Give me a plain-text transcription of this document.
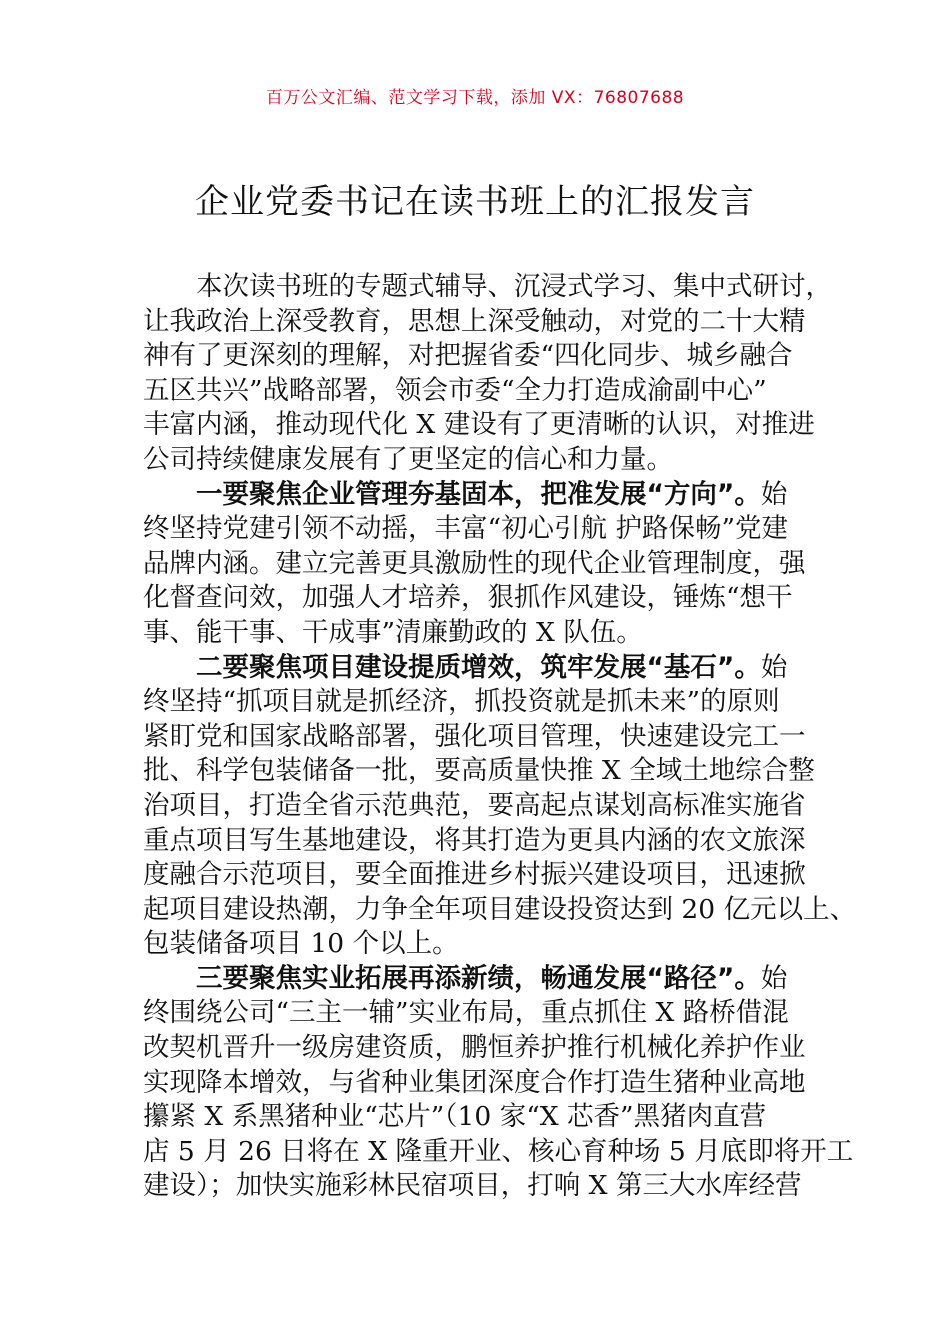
百万公文汇编、范文学习下载，添加 VX：76807688
企业党委书记在读书班上的汇报发言
本次读书班的专题式辅导、沉浸式学习、集中式研讨，
让我政治上深受教育，思想上深受触动，对党的二十大精
神有了更深刻的理解，对把握省委“四化同步、城乡融合
五区共兴”战略部署，领会市委“全力打造成渝副中心”
丰富内涵，推动现代化 X 建设有了更清晰的认识，对推进
公司持续健康发展有了更坚定的信心和力量。
一要聚焦企业管理夯基固本，把准发展“方向”。始
终坚持党建引领不动摇，丰富“初心引航 护路保畅”党建
品牌内涵。建立完善更具激励性的现代企业管理制度，强
化督查问效，加强人才培养，狠抓作风建设，锤炼“想干
事、能干事、干成事”清廉勤政的 X 队伍。
二要聚焦项目建设提质增效，筑牢发展“基石”。始
终坚持“抓项目就是抓经济，抓投资就是抓未来”的原则
紧盯党和国家战略部署，强化项目管理，快速建设完工一
批、科学包装储备一批，要高质量快推 X 全域土地综合整
治项目，打造全省示范典范，要高起点谋划高标准实施省
重点项目写生基地建设，将其打造为更具内涵的农文旅深
度融合示范项目，要全面推进乡村振兴建设项目，迅速掀
起项目建设热潮，力争全年项目建设投资达到 20 亿元以上、
包装储备项目 10 个以上。
三要聚焦实业拓展再添新绩，畅通发展“路径”。始
终围绕公司“三主一辅”实业布局，重点抓住 X 路桥借混
改契机晋升一级房建资质，鹏恒养护推行机械化养护作业
实现降本增效，与省种业集团深度合作打造生猪种业高地
攥紧 X 系黑猪种业“芯片”（10 家“X 芯香”黑猪肉直营
店 5 月 26 日将在 X 隆重开业、核心育种场 5 月底即将开工
建设）；加快实施彩林民宿项目，打响 X 第三大水库经营
